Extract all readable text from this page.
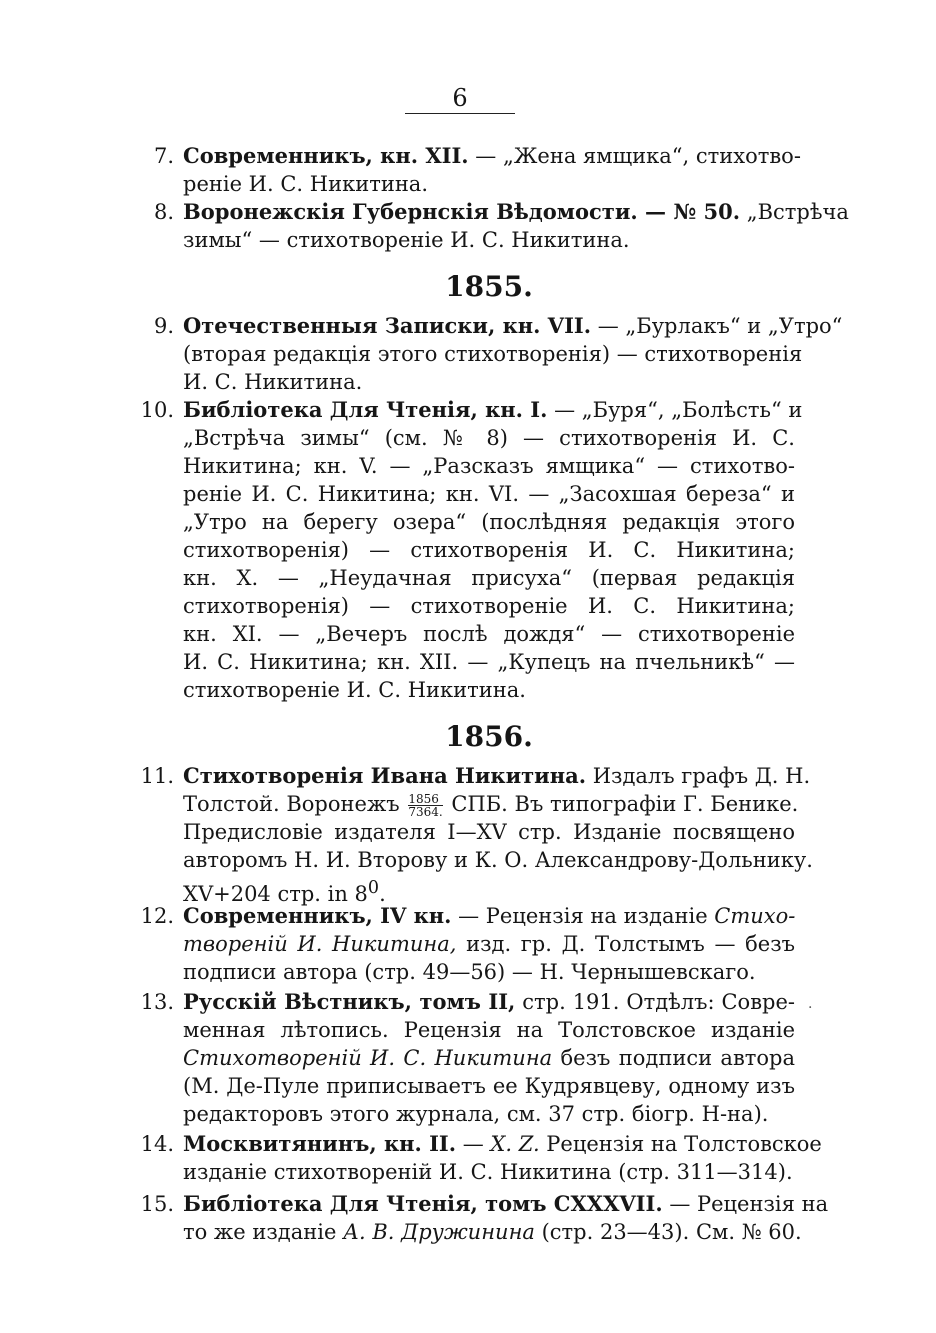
6
7. Современникъ, кн. XII. — „Жена ямщика“, стихотво-
реніе И. С. Никитина.
8. Воронежскія Губернскія Вѣдомости. — № 50. „Встрѣча
зимы“ — стихотвореніе И. С. Никитина.
1855.
9. Отечественныя Записки, кн. VII. — „Бурлакъ“ и „Утро“
(вторая редакція этого стихотворенія) — стихотворенія
И. С. Никитина.
10. Библіотека Для Чтенія, кн. I. — „Буря“, „Болѣсть“ и
„Встрѣча зимы“ (см. № 8) — стихотворенія И. С.
Никитина; кн. V. — „Разсказъ ямщика“ — стихотво-
реніе И. С. Никитина; кн. VI. — „Засохшая береза“ и
„Утро на берегу озера“ (послѣдняя редакція этого
стихотворенія) — стихотворенія И. С. Никитина;
кн. X. — „Неудачная присуха“ (первая редакція
стихотворенія) — стихотвореніе И. С. Никитина;
кн. XI. — „Вечеръ послѣ дождя“ — стихотвореніе
И. С. Никитина; кн. XII. — „Купецъ на пчельникѣ“ —
стихотвореніе И. С. Никитина.
1856.
11. Стихотворенія Ивана Никитина. Издалъ графъ Д. Н.
Толстой. Воронежъ $\frac{1856}{7364.}$ СПБ. Въ типографіи Г. Бенике.
Предисловіе издателя I—XV стр. Изданіе посвящено
авторомъ Н. И. Второву и К. О. Александрову-Дольнику.
XV+204 стр. in $8^0$.
12. Современникъ, IV кн. — Рецензія на изданіе Стихо-
твореній И. Никитина, изд. гр. Д. Толстымъ — безъ
подписи автора (стр. 49—56) — Н. Чернышевскаго.
13. Русскій Вѣстникъ, томъ II, стр. 191. Отдѣлъ: Совре-
менная лѣтопись. Рецензія на Толстовское изданіе
Стихотвореній И. С. Никитина безъ подписи автора
(М. Де-Пуле приписываетъ ее Кудрявцеву, одному изъ
редакторовъ этого журнала, см. 37 стр. біогр. Н-на).
14. Москвитянинъ, кн. II. — X. Z. Рецензія на Толстовское
изданіе стихотвореній И. С. Никитина (стр. 311—314).
15. Библіотека Для Чтенія, томъ CXXXVII. — Рецензія на
то же изданіе А. В. Дружинина (стр. 23—43). См. № 60.
·
